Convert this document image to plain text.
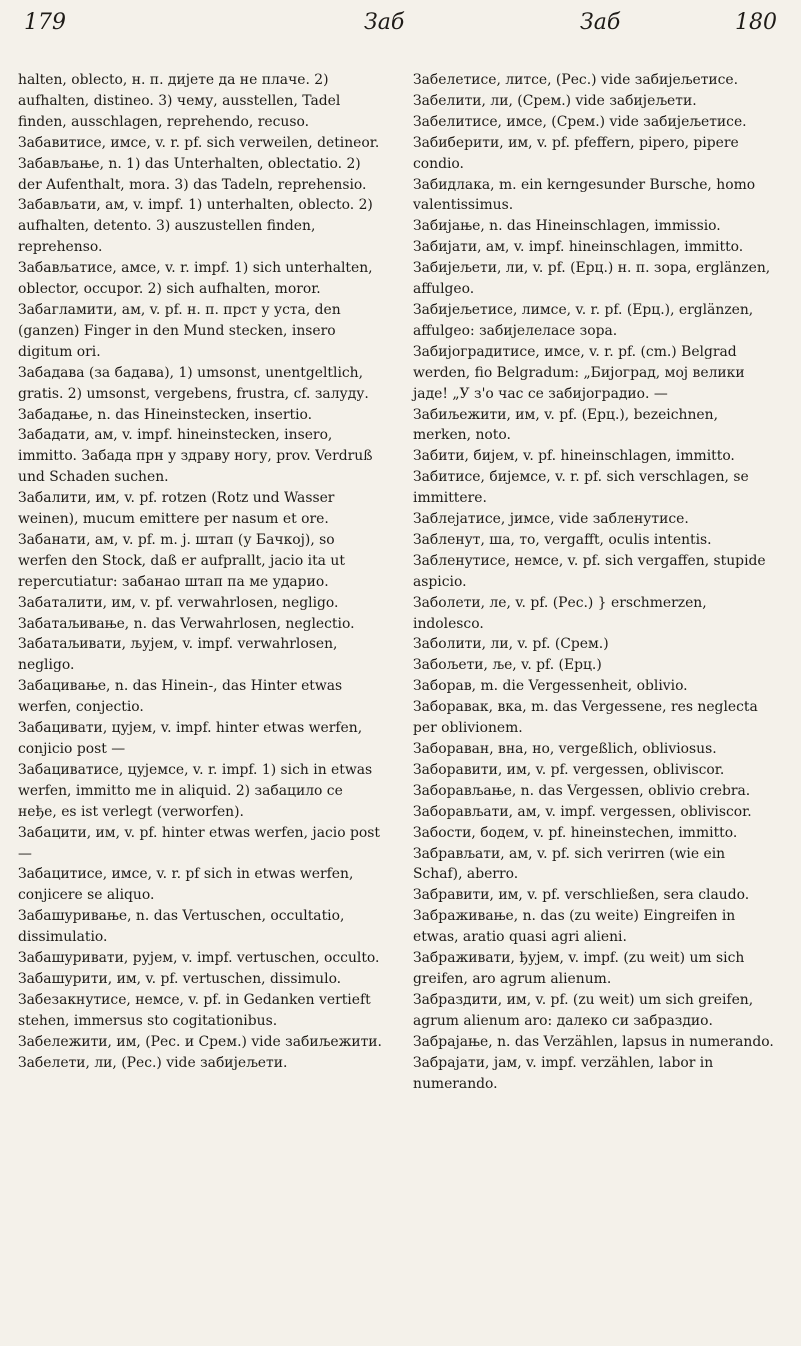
179	Заб	Заб	180

halten, oblecto, н. п. дијете да не плаче. 2) aufhalten, distineo. 3) чему, ausstellen, Tadel finden, ausschlagen, reprehendo, recuso.

Забавитисе, имсе, v. r. pf. sich verweilen, detineor.

Забављање, n. 1) das Unterhalten, oblectatio. 2) der Aufenthalt, mora. 3) das Tadeln, reprehensio.

Забављати, ам, v. impf. 1) unterhalten, oblecto. 2) aufhalten, detento. 3) auszustellen finden, reprehenso.

Забављатисе, амсе, v. r. impf. 1) sich unterhalten, oblector, occupor. 2) sich aufhalten, moror.

Забагламити, ам, v. pf. н. п. прст у уста, den (ganzen) Finger in den Mund stecken, insero digitum ori.

Забадава (за бадава), 1) umsonst, unentgeltlich, gratis. 2) umsonst, vergebens, frustra, cf. залуду.

Забадање, n. das Hineinstecken, insertio.

Забадати, ам, v. impf. hineinstecken, insero, immitto. Забада прн у здраву ногу, prov. Verdruß und Schaden suchen.

Забалити, им, v. pf. rotzen (Rotz und Wasser weinen), mucum emittere per nasum et ore.

Забанати, ам, v. pf. m. j. штап (у Бачкој), so werfen den Stock, daß er aufprallt, jacio ita ut repercutiatur: забанао штап па ме ударио.

Забаталити, им, v. pf. verwahrlosen, negligo.

Забатаљивање, n. das Verwahrlosen, neglectio.

Забатаљивати, љујем, v. impf. verwahrlosen, negligo.

Забацивање, n. das Hinein-, das Hinter etwas werfen, conjectio.

Забацивати, цујем, v. impf. hinter etwas werfen, conjicio post —

Забациватисе, цујемсе, v. r. impf. 1) sich in etwas werfen, immitto me in aliquid. 2) забацило се неђе, es ist verlegt (verworfen).

Забацити, им, v. pf. hinter etwas werfen, jacio post —

Забацитисе, имсе, v. r. pf sich in etwas werfen, conjicere se aliquo.

Забашуривање, n. das Vertuschen, occultatio, dissimulatio.

Забашуривати, рујем, v. impf. vertuschen, occulto.

Забашурити, им, v. pf. vertuschen, dissimulo.

Забезакнутисе, немсе, v. pf. in Gedanken vertieft stehen, immersus sto cogitationibus.

Забележити, им, (Рес. и Срем.) vide забиљежити.

Забелети, ли, (Рес.) vide забијељети.

Забелетисе, литсе, (Рес.) vide забијељетисе.

Забелити, ли, (Срем.) vide забијељети.

Забелитисе, имсе, (Срем.) vide забијељетисе.

Забиберити, им, v. pf. pfeffern, pipero, pipere condio.

Забидлака, m. ein kerngesunder Bursche, homo valentissimus.

Забијање, n. das Hineinschlagen, immissio.

Забијати, ам, v. impf. hineinschlagen, immitto.

Забијељети, ли, v. pf. (Ерц.) н. п. зора, erglänzen, affulgeo.

Забијељетисе, лимсе, v. r. pf. (Ерц.), erglänzen, affulgeo: забијелеласе зора.

Забијоградитисе, имсе, v. r. pf. (cm.) Belgrad werden, fio Belgradum: „Бијоград, мој велики јаде! „У з'о час се забијоградио. —

Забиљежити, им, v. pf. (Ерц.), bezeichnen, merken, noto.

Забити, бијем, v. pf. hineinschlagen, immitto.

Забитисе, бијемсе, v. r. pf. sich verschlagen, se immittere.

Заблејатисе, јимсе, vide забленутисе.

Забленут, ша, то, vergafft, oculis intentis.

Забленутисе, немсе, v. pf. sich vergaffen, stupide aspicio.

Заболети, ле, v. pf. (Рес.) } erschmerzen, indolesco.

Заболити, ли, v. pf. (Срем.)

Забољети, ље, v. pf. (Ерц.)

Заборав, m. die Vergessenheit, oblivio.

Заборавак, вка, m. das Vergessene, res neglecta per oblivionem.

Заборaван, вна, но, vergeßlich, obliviosus.

Заборавити, им, v. pf. vergessen, obliviscor.

Заборављање, n. das Vergessen, oblivio crebra.

Заборављати, ам, v. impf. vergessen, obliviscor.

Забости, бодем, v. pf. hineinstechen, immitto.

Забрављати, ам, v. pf. sich verirren (wie ein Schaf), aberro.

Забравити, им, v. pf. verschließen, sera claudo.

Забраживање, n. das (zu weite) Eingreifen in etwas, aratio quasi agri alieni.

Забраживати, ђујем, v. impf. (zu weit) um sich greifen, aro agrum alienum.

Забраздити, им, v. pf. (zu weit) um sich greifen, agrum alienum aro: далеко си забраздио.

Забрајање, n. das Verzählen, lapsus in numerando.

Забрајати, јам, v. impf. verzählen, labor in numerando.
